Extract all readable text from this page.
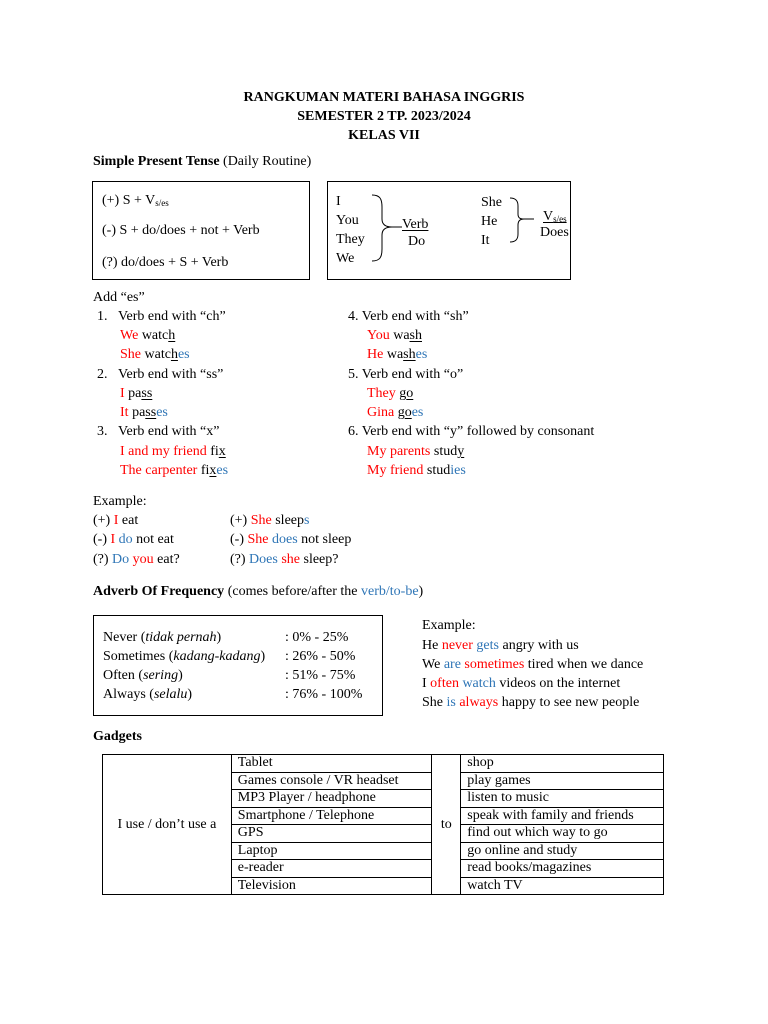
RANGKUMAN MATERI BAHASA INGGRIS
SEMESTER 2 TP. 2023/2024
KELAS VII
Simple Present Tense (Daily Routine)
(+) $S + V_{s/es}$
(-) S + do/does + not + Verb
(?) do/does + S + Verb
I
You
They
We
Verb
Do
She
He
It
$V_{s/es}$
Does
Add “es”
1. Verb end with “ch”
We watch
She watches
2. Verb end with “ss”
I pass
It passes
3. Verb end with “x”
I and my friend fix
The carpenter fixes
4. Verb end with “sh”
You wash
He washes
5. Verb end with “o”
They go
Gina goes
6. Verb end with “y” followed by consonant
My parents study
My friend studies
Example:
(+) I eat
(-) I do not eat
(?) Do you eat?
(+) She sleeps
(-) She does not sleep
(?) Does she sleep?
Adverb Of Frequency (comes before/after the verb/to-be)
Never (tidak pernah)	: 0% - 25%
Sometimes (kadang-kadang) : 26% - 50%
Often (sering)	: 51% - 75%
Always (selalu)	: 76% - 100%
Example:
He never gets angry with us
We are sometimes tired when we dance
I often watch videos on the internet
She is always happy to see new people
Gadgets
I use / don’t use a	Tablet	to	shop
	Games console / VR headset		play games
	MP3 Player / headphone		listen to music
	Smartphone / Telephone		speak with family and friends
	GPS		find out which way to go
	Laptop		go online and study
	e-reader		read books/magazines
	Television		watch TV
